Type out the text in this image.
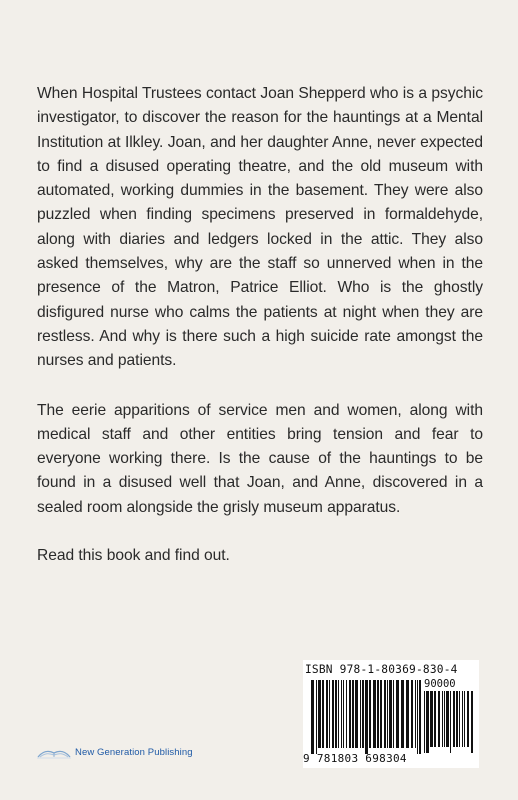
When Hospital Trustees contact Joan Shepperd who is a psychic investigator, to discover the reason for the hauntings at a Mental Institution at Ilkley. Joan, and her daughter Anne, never expected to find a disused operating theatre, and the old museum with automated, working dummies in the basement. They were also puzzled when finding specimens preserved in formaldehyde, along with diaries and ledgers locked in the attic. They also asked themselves, why are the staff so unnerved when in the presence of the Matron, Patrice Elliot. Who is the ghostly disfigured nurse who calms the patients at night when they are restless. And why is there such a high suicide rate amongst the nurses and patients.

The eerie apparitions of service men and women, along with medical staff and other entities bring tension and fear to everyone working there. Is the cause of the hauntings to be found in a disused well that Joan, and Anne, discovered in a sealed room alongside the grisly museum apparatus.

Read this book and find out.

New Generation Publishing
ISBN 978-1-80369-830-4
90000
9 781803 698304
